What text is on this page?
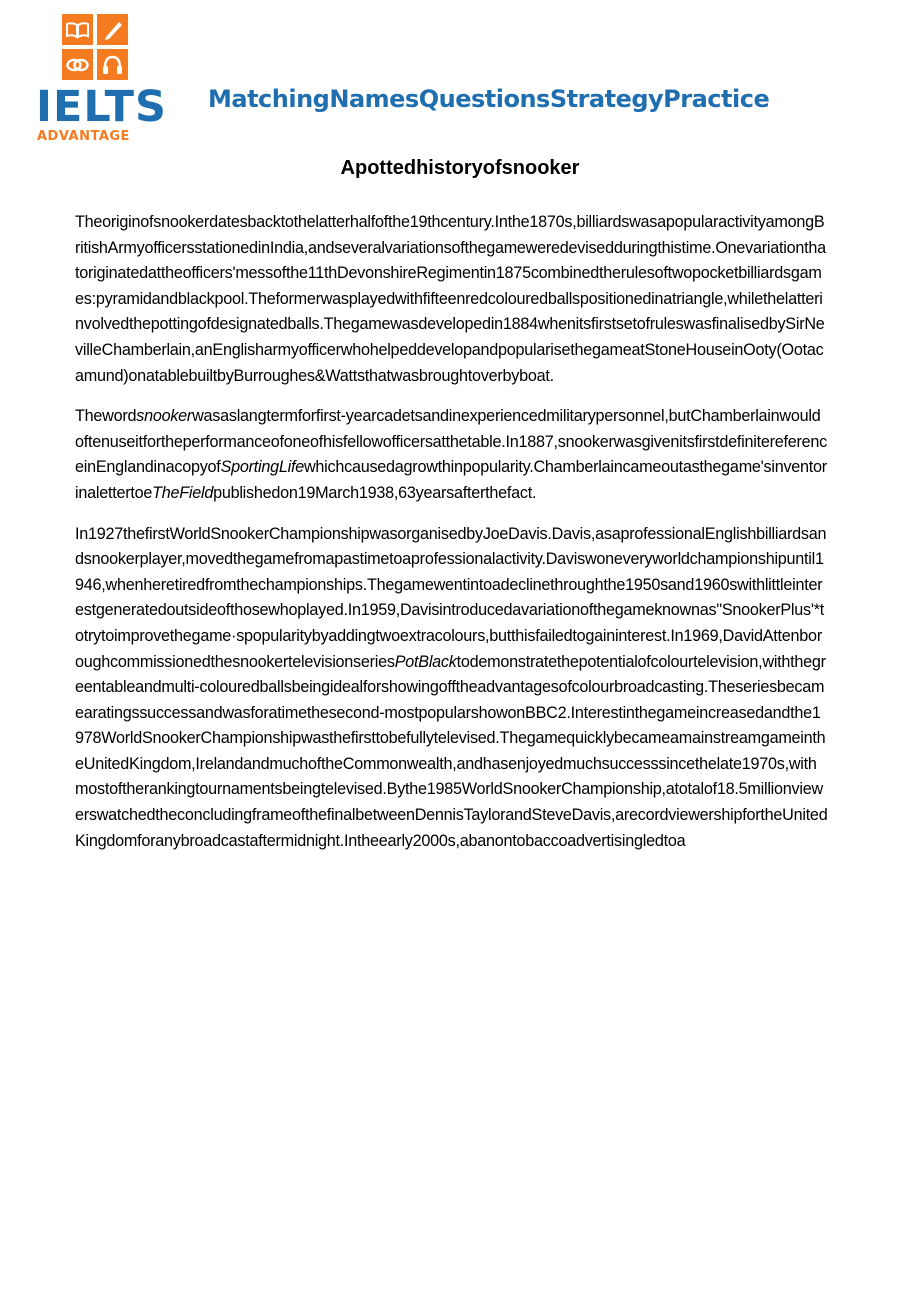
IELTS
ADVANTAGE
MatchingNamesQuestionsStrategyPractice
Apottedhistoryofsnooker

Theoriginofsnookerdatesbacktothelatterhalfofthe19thcentury.Inthe1870s,billiardswasapopularactivityamongBritishArmyofficersstationedinIndia,andseveralvariationsofthegameweredevisedduringthistime.Onevariationthatoriginatedattheofficers'messofthe11thDevonshireRegimentin1875combinedtherulesoftwopocketbilliardsgames:pyramidandblackpool.Theformerwasplayedwithfifteenredcolouredballspositionedinatriangle,whilethelatterinvolvedthepottingofdesignatedballs.Thegamewasdevelopedin1884whenitsfirstsetofruleswasfinalisedbySirNevilleChamberlain,anEnglisharmyofficerwhohelpeddevelopandpopularisethegameatStoneHouseinOoty(Ootacamund)onatablebuiltbyBurroughes&Wattsthatwasbroughtoverbyboat.

Thewordsnookerwasaslangtermforfirst-yearcadetsandinexperiencedmilitarypersonnel,butChamberlainwouldoftenuseitfortheperformanceofoneofhisfellowofficersatthetable.In1887,snookerwasgivenitsfirstdefinitereferenceinEnglandinacopyofSportingLifewhichcausedagrowthinpopularity.Chamberlaincameoutasthegame'sinventorinalettertoeTheFieldpublishedon19March1938,63yearsafterthefact.

In1927thefirstWorldSnookerChampionshipwasorganisedbyJoeDavis.Davis,asaprofessionalEnglishbilliardsandsnookerplayer,movedthegamefromapastimetoaprofessionalactivity.Daviswoneveryworldchampionshipuntil1946,whenheretiredfromthechampionships.Thegamewentintoadeclinethroughthe1950sand1960swithlittleinterestgeneratedoutsideofthosewhoplayed.In1959,Davisintroducedavariationofthegameknownas"SnookerPlus'*totrytoimprovethegame·spopularitybyaddingtwoextracolours,butthisfailedtogaininterest.In1969,DavidAttenboroughcommissionedthesnookertelevisionseriesPotBlacktodemonstratethepotentialofcolourtelevision,withthegreentableandmulti-colouredballsbeingidealforshowingofftheadvantagesofcolourbroadcasting.Theseriesbecamearatingssuccessandwasforatimethesecond-mostpopularshowonBBC2.Interestinthegameincreasedandthe1978WorldSnookerChampionshipwasthefirsttobefullytelevised.ThegamequicklybecameamainstreamgameintheUnitedKingdom,IrelandandmuchoftheCommonwealth,andhasenjoyedmuchsuccesssincethelate1970s,withmostoftherankingtournamentsbeingtelevised.Bythe1985WorldSnookerChampionship,atotalof18.5millionviewerswatchedtheconcludingframeofthefinalbetweenDennisTaylorandSteveDavis,arecordviewershipfortheUnitedKingdomforanybroadcastaftermidnight.Intheearly2000s,abanontobaccoadvertisingledtoa
